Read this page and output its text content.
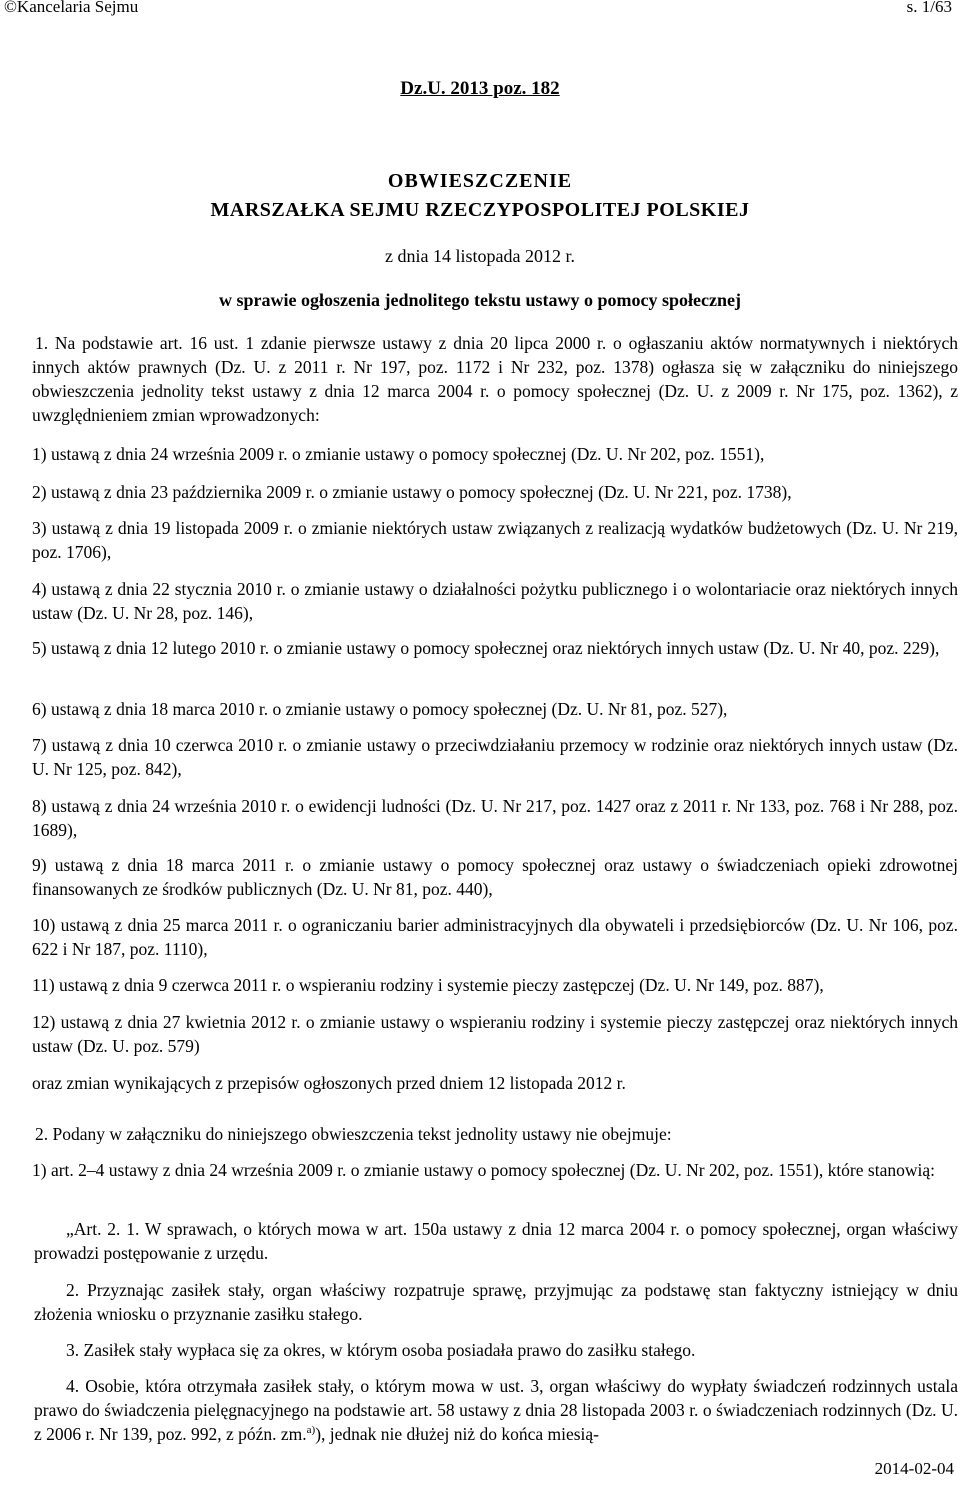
©Kancelaria Sejmu	s. 1/63
Dz.U. 2013 poz. 182
OBWIESZCZENIE
MARSZAŁKA SEJMU RZECZYPOSPOLITEJ POLSKIEJ
z dnia 14 listopada 2012 r.
w sprawie ogłoszenia jednolitego tekstu ustawy o pomocy społecznej
1. Na podstawie art. 16 ust. 1 zdanie pierwsze ustawy z dnia 20 lipca 2000 r. o ogłaszaniu aktów normatywnych i niektórych innych aktów prawnych (Dz. U. z 2011 r. Nr 197, poz. 1172 i Nr 232, poz. 1378) ogłasza się w załączniku do niniejszego obwieszczenia jednolity tekst ustawy z dnia 12 marca 2004 r. o pomocy społecznej (Dz. U. z 2009 r. Nr 175, poz. 1362), z uwzględnieniem zmian wprowadzonych:
1) ustawą z dnia 24 września 2009 r. o zmianie ustawy o pomocy społecznej (Dz. U. Nr 202, poz. 1551),
2) ustawą z dnia 23 października 2009 r. o zmianie ustawy o pomocy społecznej (Dz. U. Nr 221, poz. 1738),
3) ustawą z dnia 19 listopada 2009 r. o zmianie niektórych ustaw związanych z realizacją wydatków budżetowych (Dz. U. Nr 219, poz. 1706),
4) ustawą z dnia 22 stycznia 2010 r. o zmianie ustawy o działalności pożytku publicznego i o wolontariacie oraz niektórych innych ustaw (Dz. U. Nr 28, poz. 146),
5) ustawą z dnia 12 lutego 2010 r. o zmianie ustawy o pomocy społecznej oraz niektórych innych ustaw (Dz. U. Nr 40, poz. 229),
6) ustawą z dnia 18 marca 2010 r. o zmianie ustawy o pomocy społecznej (Dz. U. Nr 81, poz. 527),
7) ustawą z dnia 10 czerwca 2010 r. o zmianie ustawy o przeciwdziałaniu przemocy w rodzinie oraz niektórych innych ustaw (Dz. U. Nr 125, poz. 842),
8) ustawą z dnia 24 września 2010 r. o ewidencji ludności (Dz. U. Nr 217, poz. 1427 oraz z 2011 r. Nr 133, poz. 768 i Nr 288, poz. 1689),
9) ustawą z dnia 18 marca 2011 r. o zmianie ustawy o pomocy społecznej oraz ustawy o świadczeniach opieki zdrowotnej finansowanych ze środków publicznych (Dz. U. Nr 81, poz. 440),
10) ustawą z dnia 25 marca 2011 r. o ograniczaniu barier administracyjnych dla obywateli i przedsiębiorców (Dz. U. Nr 106, poz. 622 i Nr 187, poz. 1110),
11) ustawą z dnia 9 czerwca 2011 r. o wspieraniu rodziny i systemie pieczy zastępczej (Dz. U. Nr 149, poz. 887),
12) ustawą z dnia 27 kwietnia 2012 r. o zmianie ustawy o wspieraniu rodziny i systemie pieczy zastępczej oraz niektórych innych ustaw (Dz. U. poz. 579)
oraz zmian wynikających z przepisów ogłoszonych przed dniem 12 listopada 2012 r.
2. Podany w załączniku do niniejszego obwieszczenia tekst jednolity ustawy nie obejmuje:
1) art. 2–4 ustawy z dnia 24 września 2009 r. o zmianie ustawy o pomocy społecznej (Dz. U. Nr 202, poz. 1551), które stanowią:
„Art. 2. 1. W sprawach, o których mowa w art. 150a ustawy z dnia 12 marca 2004 r. o pomocy społecznej, organ właściwy prowadzi postępowanie z urzędu.
2. Przyznając zasiłek stały, organ właściwy rozpatruje sprawę, przyjmując za podstawę stan faktyczny istniejący w dniu złożenia wniosku o przyznanie zasiłku stałego.
3. Zasiłek stały wypłaca się za okres, w którym osoba posiadała prawo do zasiłku stałego.
4. Osobie, która otrzymała zasiłek stały, o którym mowa w ust. 3, organ właściwy do wypłaty świadczeń rodzinnych ustala prawo do świadczenia pielęgnacyjnego na podstawie art. 58 ustawy z dnia 28 listopada 2003 r. o świadczeniach rodzinnych (Dz. U. z 2006 r. Nr 139, poz. 992, z późn. zm.$^{a)}$), jednak nie dłużej niż do końca miesią-
2014-02-04
